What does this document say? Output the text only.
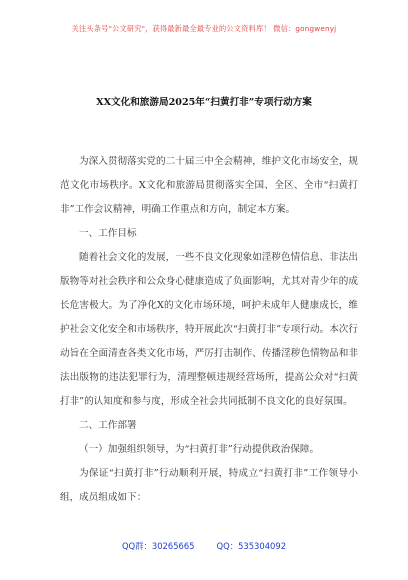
关注头条号"公文研究"，获得最新最全最专业的公文资料库！ 微信：gongwenyj
XX文化和旅游局2025年“扫黄打非”专项行动方案

为深入贯彻落实党的二十届三中全会精神，维护文化市场安全，规范文化市场秩序。X文化和旅游局贯彻落实全国、全区、全市“扫黄打非”工作会议精神，明确工作重点和方向，制定本方案。

一、工作目标

随着社会文化的发展，一些不良文化现象如淫秽色情信息、非法出版物等对社会秩序和公众身心健康造成了负面影响，尤其对青少年的成长危害极大。为了净化X的文化市场环境，呵护未成年人健康成长，维护社会文化安全和市场秩序，特开展此次“扫黄打非”专项行动。本次行动旨在全面清查各类文化市场，严厉打击制作、传播淫秽色情物品和非法出版物的违法犯罪行为，清理整顿违规经营场所，提高公众对“扫黄打非”的认知度和参与度，形成全社会共同抵制不良文化的良好氛围。

二、工作部署

（一）加强组织领导，为“扫黄打非”行动提供政治保障。

为保证“扫黄打非”行动顺利开展，特成立“扫黄打非”工作领导小组，成员组成如下：

QQ群：30265665	QQ：535304092
